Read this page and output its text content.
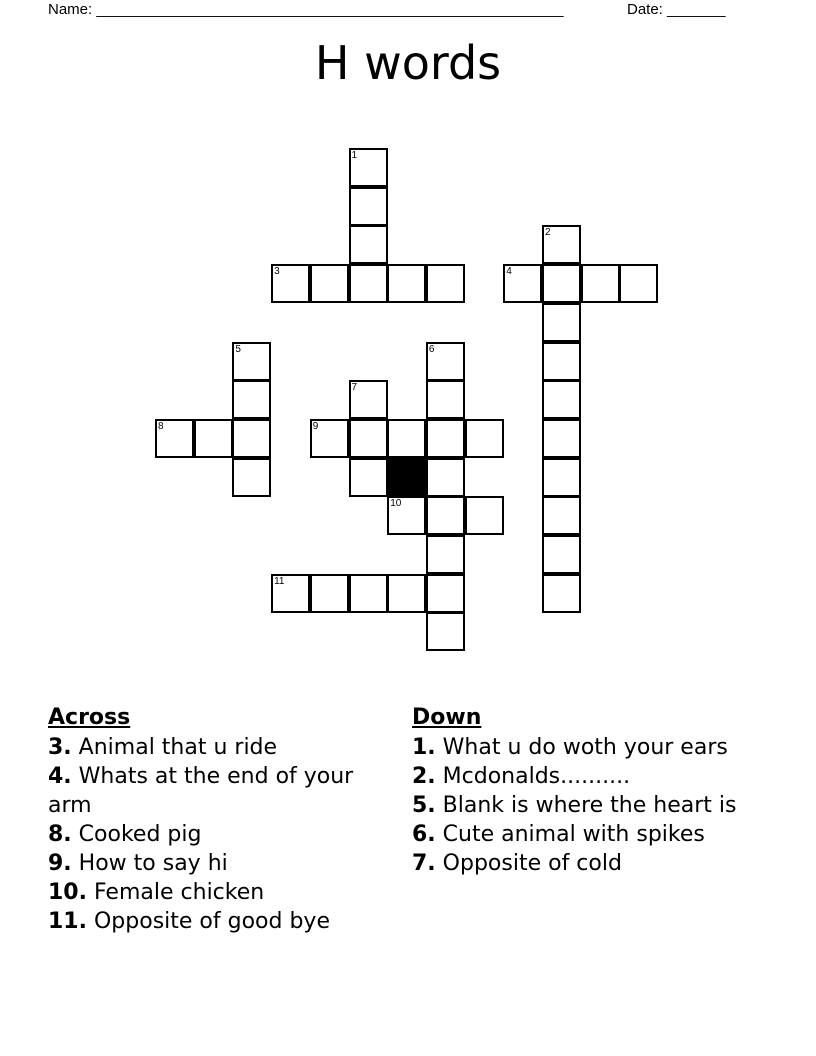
Name: ________________________________________________________	Date: _______
H words
1
2
3	4
5	6
7
8	9
10
11
Across

3. Animal that u ride

4. Whats at the end of your arm

8. Cooked pig

9. How to say hi

10. Female chicken

11. Opposite of good bye

Down

1. What u do woth your ears

2. Mcdonalds..........

5. Blank is where the heart is

6. Cute animal with spikes

7. Opposite of cold
